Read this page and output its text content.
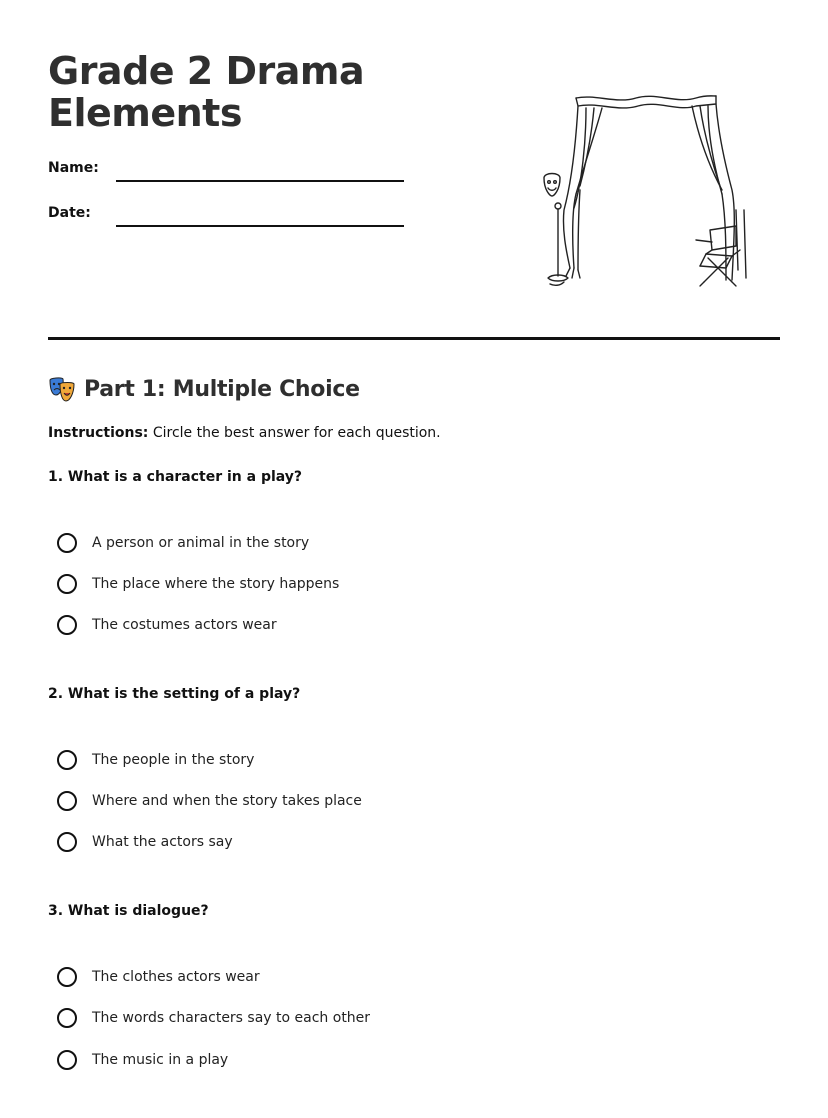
Grade 2 Drama Elements
Name:
Date:
Part 1: Multiple Choice
Instructions: Circle the best answer for each question.
1. What is a character in a play?
A person or animal in the story
The place where the story happens
The costumes actors wear
2. What is the setting of a play?
The people in the story
Where and when the story takes place
What the actors say
3. What is dialogue?
The clothes actors wear
The words characters say to each other
The music in a play
